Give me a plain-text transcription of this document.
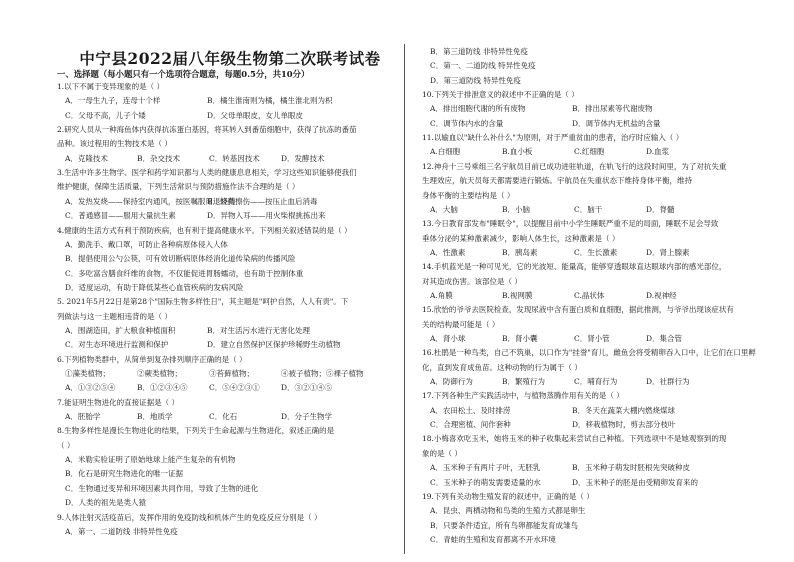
中宁县2022届八年级生物第二次联考试卷
一、选择题（每小题只有一个选项符合题意，每题0.5分，共10分）
1.以下不属于变异现象的是（ ）
A．一母生九子，连母十个样	B．橘生淮南则为橘，橘生淮北则为枳
C．父母不高，儿子个矮	D．父母单眼皮，女儿单眼皮
2.研究人员从一种海鱼体内获得抗冻蛋白基因，将其转入到番茄细胞中，获得了抗冻的番茄
品种。该过程用的生物技术是（ ）
A．克隆技术	B．杂交技术	C．转基因技术	D．发酵技术
3.生活中许多生物学、医学和药学知识都与人类的健康息息相关，学习这些知识能够使我们
维护健康，保障生活质量，下列生活常识与预防措施作法不合理的是（ ）
A．发热发烧——保持室内通风，按医嘱服用退烧药B．轻微擦伤——按压止血后消毒
C．普通感冒——服用大量抗生素	D．异物入耳——用火柴棍挑拣出来
4.健康的生活方式有利于预防疾病，也有利于提高健康水平。下列相关叙述错误的是（ ）
A．勤洗手、戴口罩，可防止各种病原体侵入人体
B．提倡使用公勺公筷，可有效切断病原体经消化道传染病的传播风险
C．多吃富含膳食纤维的食物，不仅能促进胃肠蠕动，也有助于控制体重
D．适度运动，有助于降低某些心血管疾病的发病风险
5. 2021年5月22日是第28个"国际生物多样性日"，其主题是"呵护自然，人人有责"。下
列做法与这一主题相违背的是（ ）
A．围湖造田，扩大粮食种植面积	B．对生活污水进行无害化处理
C．对生态环境进行监测和保护	D．建立自然保护区保护珍稀野生动植物
6.下列植物类群中，从简单到复杂排列顺序正确的是（ ）
①藻类植物；	②蕨类植物；	③苔藓植物；	④被子植物；⑤裸子植物
A．①③②⑤④	B．①②③④⑤	C．⑤④②③①	D．③②①④⑤
7.能证明生物进化的直接证据是（ ）
A．胚胎学	B．地质学	C．化石	D．分子生物学
8.生物多样性是漫长生物进化的结果，下列关于生命起源与生物进化，叙述正确的是
（ ）
A．米勒实验证明了原始地球上能产生复杂的有机物
B．化石是研究生物进化的唯一证据
C．生物通过变异和环境因素共同作用，导致了生物的进化
D．人类的祖先是类人猿
9.人体注射灭活疫苗后，发挥作用的免疫防线和机体产生的免疫反应分别是（ ）
A．第一、二道防线 非特异性免疫
B．第三道防线 非特异性免疫
C．第一、二道防线 特异性免疫
D．第三道防线 特异性免疫
10.下列关于排泄意义的叙述中不正确的是（ ）
A．排出细胞代谢的所有废物	B．排出尿素等代谢废物
C．调节体内水的含量	D．调节体内无机盐的含量
11.以输血以"缺什么补什么"为原则，对于严重贫血的患者，治疗时应输入（ ）
A.白细胞	B.血小板	C.红细胞	D.血浆
12.神舟十三号乘组三名宇航员目前已成功进驻轨道，在轨飞行的这段时间里，为了对抗失重
生理效应，航天员每天都需要进行锻炼。宇航员在失重状态下维持身体平衡，维持
身体平衡的主要结构是（ ）
A．大脑	B．小脑	C．脑干	D．脊髓
13.今日教育部发布"睡眠令"，以提醒目前中小学生睡眠严重不足的局面，睡眠不足会导致
垂体分泌的某种激素减少，影响人体生长，这种激素是（ ）
A．性激素	B．胰岛素	C．生长激素	D．肾上腺素
14.手机蓝光是一种可见光，它的光波短、能量高，能够穿透眼球直达眼球内部的感光部位，
对其造成伤害。该部位是（ ）
A.角膜	B.视网膜	C.晶状体	D.视神经
15.欣怡的爷爷去医院检查，发现尿液中含有蛋白质和血细胞，据此推测，与爷爷出现该症状有
关的结构最可能是（ ）
A．肾小球	B．肾小囊	C．肾小管	D．集合管
16.杜鹃是一种鸟类，自己不筑巢，以口作为"挂誉"育儿，雌鱼会将受精卵吞入口中，让它们在口里孵
化，直到发育成鱼苗。这种动物的行为属于（ ）
A．防御行为	B．繁殖行为	C．哺育行为	D．社群行为
17.下列各种生产实践活动中，与植物蒸腾作用有关的是（ ）
A．农田松土、及时排涝	B．冬天在蔬菜大棚内燃烧煤球
C．合理密植、间作套种	D．移栽植物时，剪去部分枝叶
18.小梅喜欢吃玉米，她将玉米的种子收集起来尝试自己种植。下列选项中不是她观察到的现
象的是（ ）
A．玉米种子有两片子叶，无胚乳	B．玉米种子萌发时胚根先突破种皮
C．玉米种子的萌发需要适量的水	D．玉米种子的胚是由受精卵发育来的
19.下列有关动物生殖发育的叙述中，正确的是（ ）
A．昆虫、两栖动物和鸟类的生殖方式都是卵生
B．只要条件适宜，所有鸟卵都能发育成雏鸟
C．青蛙的生殖和发育都离不开水环境
